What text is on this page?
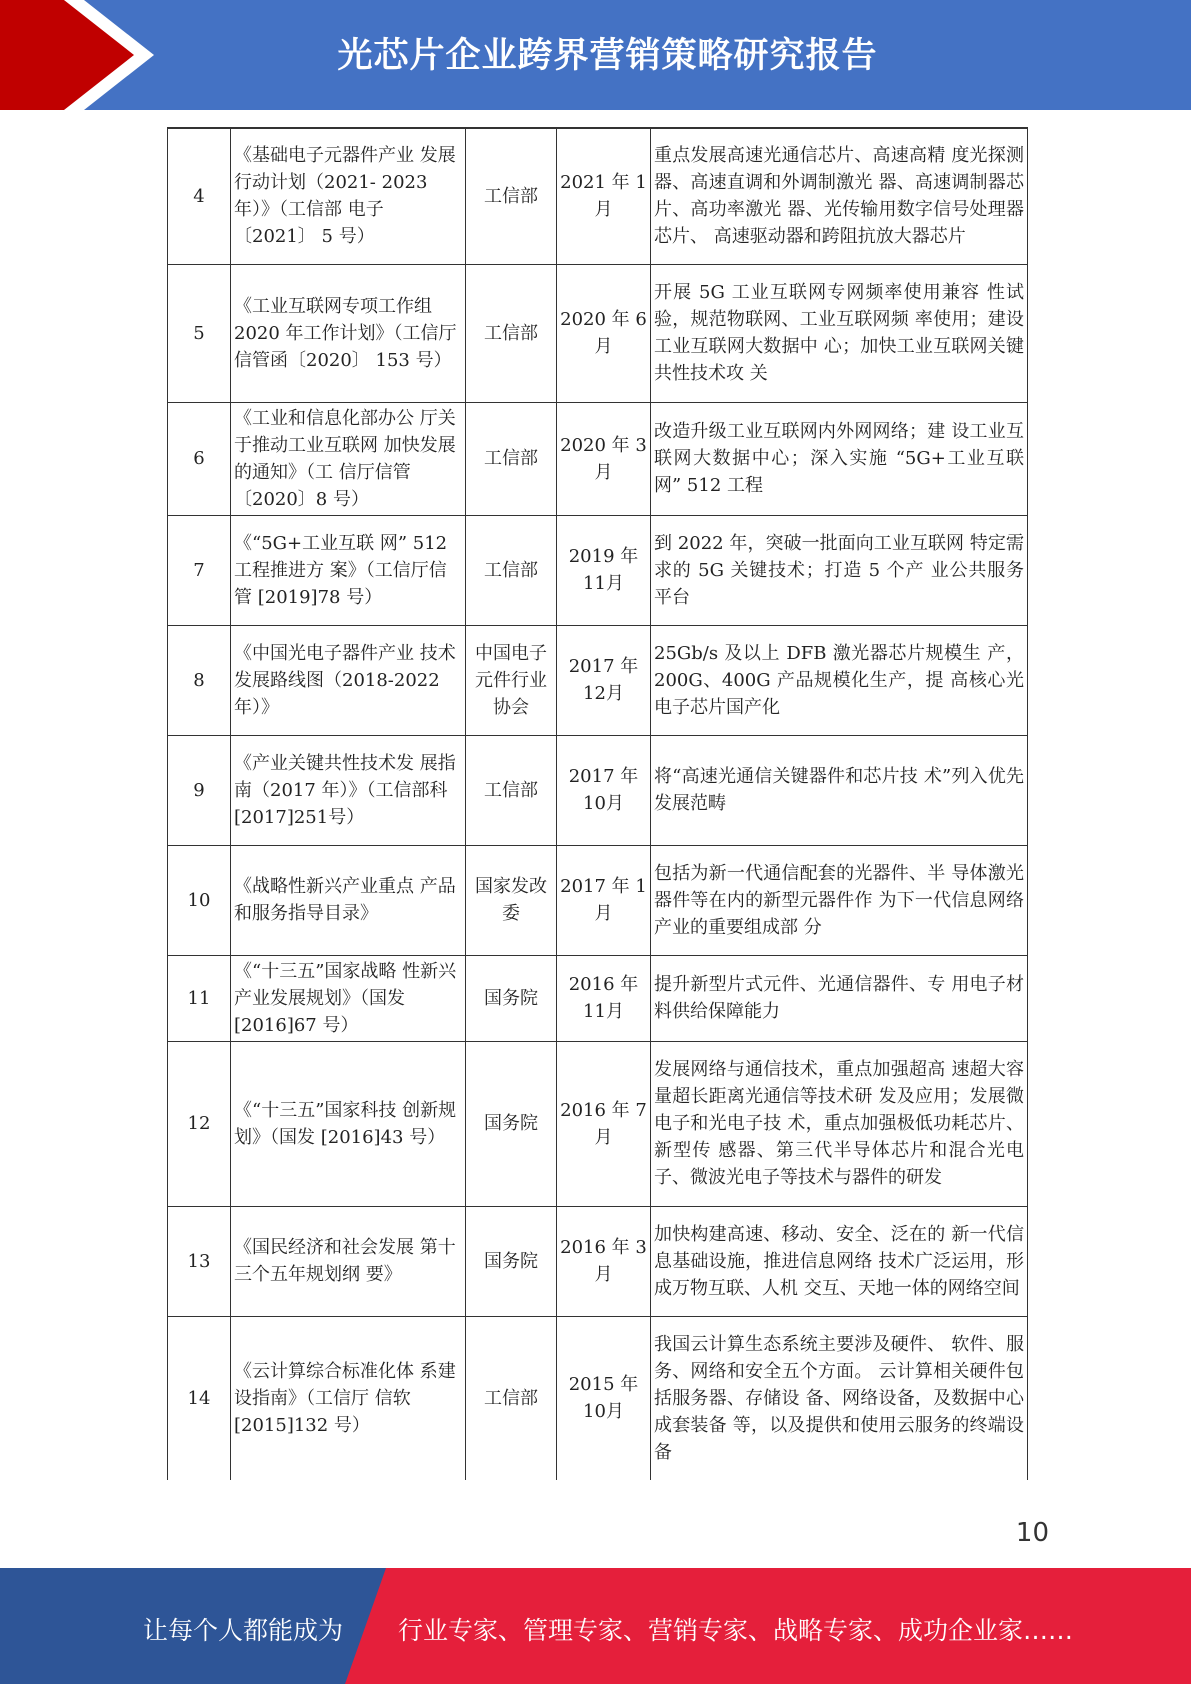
光芯片企业跨界营销策略研究报告
4	《基础电子元器件产业 发展行动计划（2021- 2023 年）》（工信部 电子〔2021〕 5 号）	工信部	2021 年 1月	重点发展高速光通信芯片、高速高精 度光探测器、高速直调和外调制激光 器、高速调制器芯片、高功率激光 器、光传输用数字信号处理器芯片、 高速驱动器和跨阻抗放大器芯片
5	《工业互联网专项工作组 2020 年工作计划》（工信厅信管函〔2020〕 153 号）	工信部	2020 年 6月	开展 5G 工业互联网专网频率使用兼容 性试验，规范物联网、工业互联网频 率使用；建设工业互联网大数据中 心；加快工业互联网关键共性技术攻 关
6	《工业和信息化部办公 厅关于推动工业互联网 加快发展的通知》（工 信厅信管〔2020〕8 号）	工信部	2020 年 3月	改造升级工业互联网内外网网络；建 设工业互联网大数据中心；深入实施 “5G+工业互联网” 512 工程
7	《“5G+工业互联 网” 512 工程推进方 案》（工信厅信管 [2019]78 号）	工信部	2019 年 11月	到 2022 年，突破一批面向工业互联网 特定需求的 5G 关键技术；打造 5 个产 业公共服务平台
8	《中国光电子器件产业 技术发展路线图（2018-2022 年）》	中国电子元件行业协会	2017 年 12月	25Gb/s 及以上 DFB 激光器芯片规模生 产，200G、400G 产品规模化生产，提 高核心光电子芯片国产化
9	《产业关键共性技术发 展指南（2017 年）》（工信部科[2017]251号）	工信部	2017 年 10月	将“高速光通信关键器件和芯片技 术”列入优先发展范畴
10	《战略性新兴产业重点 产品和服务指导目录》	国家发改委	2017 年 1月	包括为新一代通信配套的光器件、半 导体激光器件等在内的新型元器件作 为下一代信息网络产业的重要组成部 分
11	《“十三五”国家战略 性新兴产业发展规划》（国发[2016]67 号）	国务院	2016 年 11月	提升新型片式元件、光通信器件、专 用电子材料供给保障能力
12	《“十三五”国家科技 创新规划》（国发 [2016]43 号）	国务院	2016 年 7月	发展网络与通信技术，重点加强超高 速超大容量超长距离光通信等技术研 发及应用；发展微电子和光电子技 术，重点加强极低功耗芯片、新型传 感器、第三代半导体芯片和混合光电 子、微波光电子等技术与器件的研发
13	《国民经济和社会发展 第十三个五年规划纲 要》	国务院	2016 年 3月	加快构建高速、移动、安全、泛在的 新一代信息基础设施，推进信息网络 技术广泛运用，形成万物互联、人机 交互、天地一体的网络空间
14	《云计算综合标准化体 系建设指南》（工信厅 信软[2015]132 号）	工信部	2015 年 10月	我国云计算生态系统主要涉及硬件、 软件、服务、网络和安全五个方面。 云计算相关硬件包括服务器、存储设 备、网络设备，及数据中心成套装备 等，以及提供和使用云服务的终端设 备
10
让每个人都能成为 行业专家、管理专家、营销专家、战略专家、成功企业家……
